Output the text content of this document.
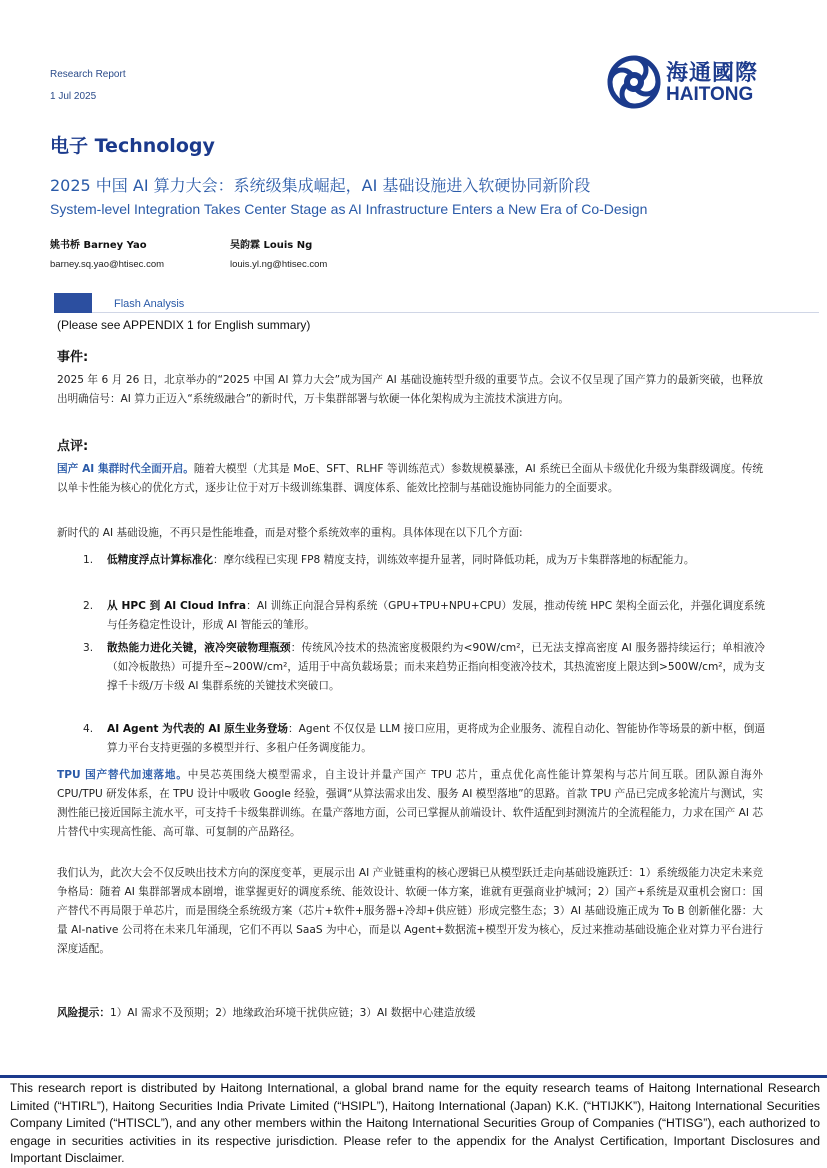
Research Report
1 Jul 2025
海通國際
HAITONG
电子 Technology
2025 中国 AI 算力大会：系统级集成崛起，AI 基础设施进入软硬协同新阶段
System-level Integration Takes Center Stage as AI Infrastructure Enters a New Era of Co-Design
姚书桥 Barney Yao
barney.sq.yao@htisec.com
吴韵霖 Louis Ng
louis.yl.ng@htisec.com
Flash Analysis
(Please see APPENDIX 1 for English summary)
事件:
2025 年 6 月 26 日，北京举办的“2025 中国 AI 算力大会”成为国产 AI 基础设施转型升级的重要节点。会议不仅呈现了国产算力的最新突破，也释放出明确信号：AI 算力正迈入“系统级融合”的新时代，万卡集群部署与软硬一体化架构成为主流技术演进方向。
点评:
国产 AI 集群时代全面开启。随着大模型（尤其是 MoE、SFT、RLHF 等训练范式）参数规模暴涨，AI 系统已全面从卡级优化升级为集群级调度。传统以单卡性能为核心的优化方式，逐步让位于对万卡级训练集群、调度体系、能效比控制与基础设施协同能力的全面要求。
新时代的 AI 基础设施，不再只是性能堆叠，而是对整个系统效率的重构。具体体现在以下几个方面:
1. 低精度浮点计算标准化：摩尔线程已实现 FP8 精度支持，训练效率提升显著，同时降低功耗，成为万卡集群落地的标配能力。
2. 从 HPC 到 AI Cloud Infra：AI 训练正向混合异构系统（GPU+TPU+NPU+CPU）发展，推动传统 HPC 架构全面云化，并强化调度系统与任务稳定性设计，形成 AI 智能云的雏形。
3. 散热能力进化关键，液冷突破物理瓶颈：传统风冷技术的热流密度极限约为<90W/cm²，已无法支撑高密度 AI 服务器持续运行；单相液冷（如冷板散热）可提升至~200W/cm²，适用于中高负载场景；而未来趋势正指向相变液冷技术，其热流密度上限达到>500W/cm²，成为支撑千卡级/万卡级 AI 集群系统的关键技术突破口。
4. AI Agent 为代表的 AI 原生业务登场：Agent 不仅仅是 LLM 接口应用，更将成为企业服务、流程自动化、智能协作等场景的新中枢，倒逼算力平台支持更强的多模型并行、多租户任务调度能力。
TPU 国产替代加速落地。中昊芯英围绕大模型需求，自主设计并量产国产 TPU 芯片，重点优化高性能计算架构与芯片间互联。团队源自海外 CPU/TPU 研发体系，在 TPU 设计中吸收 Google 经验，强调“从算法需求出发、服务 AI 模型落地”的思路。首款 TPU 产品已完成多轮流片与测试，实测性能已接近国际主流水平，可支持千卡级集群训练。在量产落地方面，公司已掌握从前端设计、软件适配到封测流片的全流程能力，力求在国产 AI 芯片替代中实现高性能、高可靠、可复制的产品路径。
我们认为，此次大会不仅反映出技术方向的深度变革，更展示出 AI 产业链重构的核心逻辑已从模型跃迁走向基础设施跃迁：1）系统级能力决定未来竞争格局：随着 AI 集群部署成本剧增，谁掌握更好的调度系统、能效设计、软硬一体方案，谁就有更强商业护城河；2）国产+系统是双重机会窗口：国产替代不再局限于单芯片，而是围绕全系统级方案（芯片+软件+服务器+冷却+供应链）形成完整生态；3）AI 基础设施正成为 To B 创新催化器：大量 AI-native 公司将在未来几年涌现，它们不再以 SaaS 为中心，而是以 Agent+数据流+模型开发为核心，反过来推动基础设施企业对算力平台进行深度适配。
风险提示：1）AI 需求不及预期；2）地缘政治环境干扰供应链；3）AI 数据中心建造放缓
This research report is distributed by Haitong International, a global brand name for the equity research teams of Haitong International Research Limited (“HTIRL”), Haitong Securities India Private Limited (“HSIPL”), Haitong International (Japan) K.K. (“HTIJKK”), Haitong International Securities Company Limited (“HTISCL”), and any other members within the Haitong International Securities Group of Companies (“HTISG”), each authorized to engage in securities activities in its respective jurisdiction. Please refer to the appendix for the Analyst Certification, Important Disclosures and Important Disclaimer.
